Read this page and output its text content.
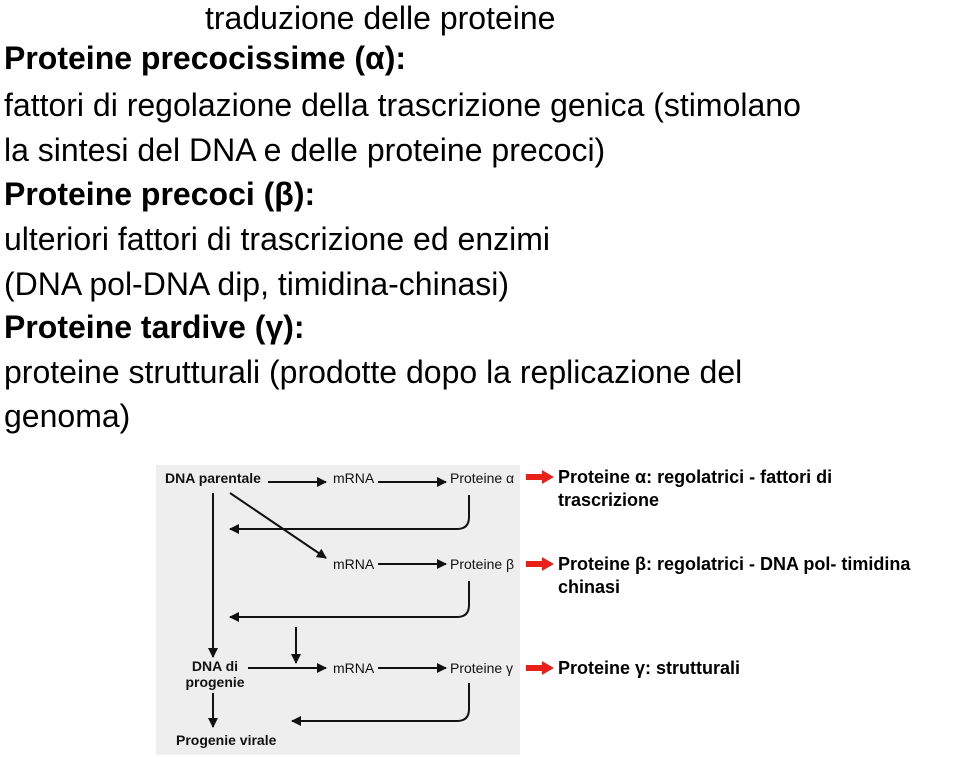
traduzione delle proteine
Proteine precocissime (α):
fattori di regolazione della trascrizione genica (stimolano
la sintesi del DNA e delle proteine precoci)
Proteine precoci (β):
ulteriori fattori di trascrizione ed enzimi
(DNA pol-DNA dip, timidina-chinasi)
Proteine tardive (γ):
proteine strutturali (prodotte dopo la replicazione del
genoma)
DNA parentale	mRNA	Proteine α
mRNA	Proteine β
DNA di
progenie
mRNA	Proteine γ
Progenie virale
Proteine α: regolatrici - fattori di
trascrizione
Proteine β: regolatrici - DNA pol- timidina
chinasi
Proteine γ: strutturali
